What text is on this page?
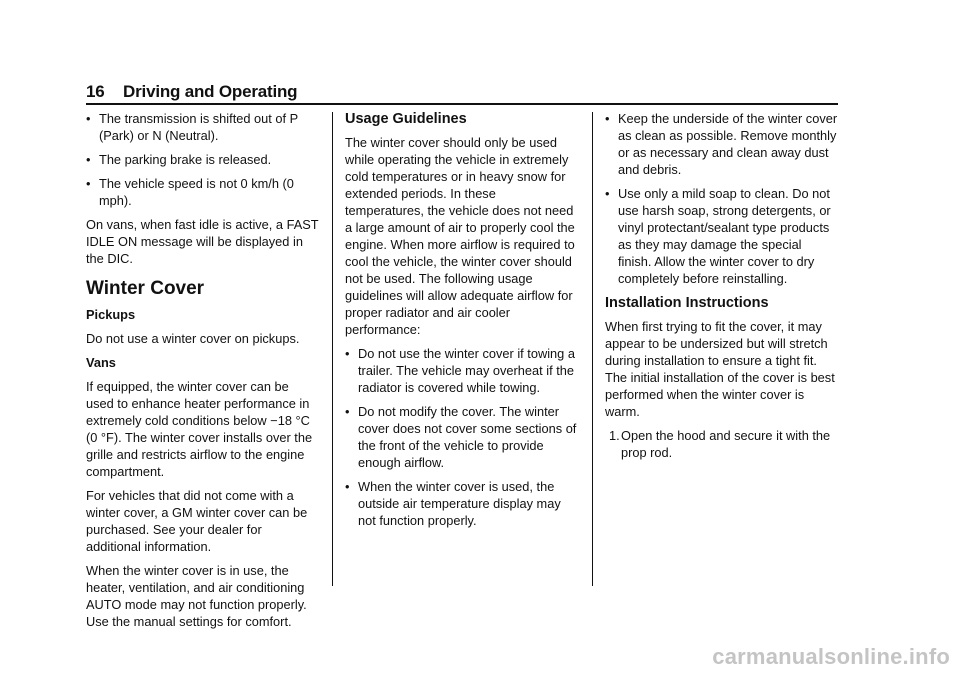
16 Driving and Operating
• The transmission is shifted out of P (Park) or N (Neutral).
• The parking brake is released.
• The vehicle speed is not 0 km/h (0 mph).

On vans, when fast idle is active, a FAST IDLE ON message will be displayed in the DIC.

Winter Cover
Pickups

Do not use a winter cover on pickups.

Vans

If equipped, the winter cover can be used to enhance heater performance in extremely cold conditions below −18 °C (0 °F). The winter cover installs over the grille and restricts airflow to the engine compartment.

For vehicles that did not come with a winter cover, a GM winter cover can be purchased. See your dealer for additional information.

When the winter cover is in use, the heater, ventilation, and air conditioning AUTO mode may not function properly. Use the manual settings for comfort.

Usage Guidelines

The winter cover should only be used while operating the vehicle in extremely cold temperatures or in heavy snow for extended periods. In these temperatures, the vehicle does not need a large amount of air to properly cool the engine. When more airflow is required to cool the vehicle, the winter cover should not be used. The following usage guidelines will allow adequate airflow for proper radiator and air cooler performance:

• Do not use the winter cover if towing a trailer. The vehicle may overheat if the radiator is covered while towing.
• Do not modify the cover. The winter cover does not cover some sections of the front of the vehicle to provide enough airflow.
• When the winter cover is used, the outside air temperature display may not function properly.
• Keep the underside of the winter cover as clean as possible. Remove monthly or as necessary and clean away dust and debris.
• Use only a mild soap to clean. Do not use harsh soap, strong detergents, or vinyl protectant/sealant type products as they may damage the special finish. Allow the winter cover to dry completely before reinstalling.
Installation Instructions

When first trying to fit the cover, it may appear to be undersized but will stretch during installation to ensure a tight fit. The initial installation of the cover is best performed when the winter cover is warm.

1. Open the hood and secure it with the prop rod.
carmanualsonline.info
